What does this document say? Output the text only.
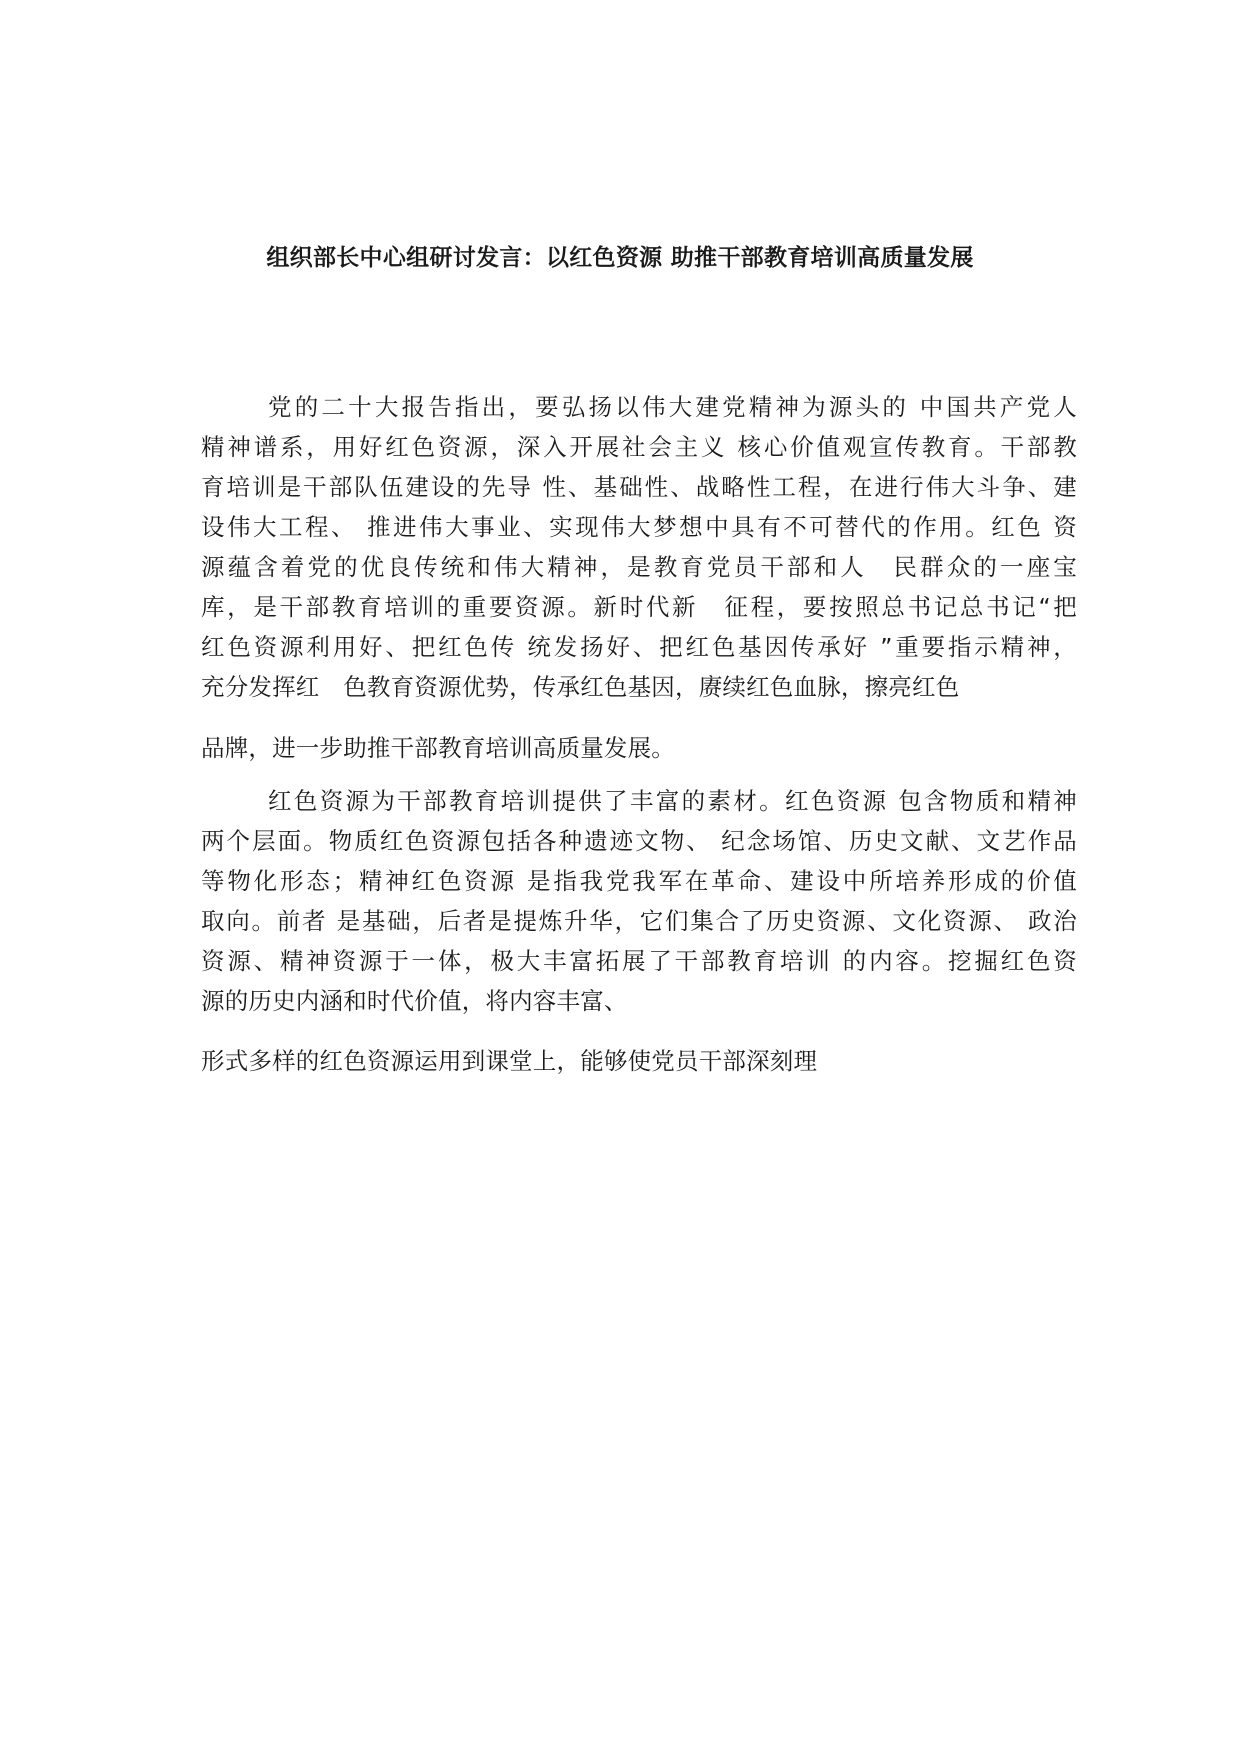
组织部长中心组研讨发言：以红色资源 助推干部教育培训高质量发展
党的二十大报告指出，要弘扬以伟大建党精神为源头的 中国共产党人
精神谱系，用好红色资源，深入开展社会主义 核心价值观宣传教育。干部教
育培训是干部队伍建设的先导 性、基础性、战略性工程，在进行伟大斗争、建
设伟大工程、 推进伟大事业、实现伟大梦想中具有不可替代的作用。红色 资
源蕴含着党的优良传统和伟大精神，是教育党员干部和人　民群众的一座宝
库，是干部教育培训的重要资源。新时代新　征程，要按照总书记总书记“把
红色资源利用好、把红色传 统发扬好、把红色基因传承好 ”重要指示精神，
充分发挥红　色教育资源优势，传承红色基因，赓续红色血脉，擦亮红色
品牌，进一步助推干部教育培训高质量发展。
红色资源为干部教育培训提供了丰富的素材。红色资源 包含物质和精神
两个层面。物质红色资源包括各种遗迹文物、 纪念场馆、历史文献、文艺作品
等物化形态；精神红色资源 是指我党我军在革命、建设中所培养形成的价值
取向。前者 是基础，后者是提炼升华，它们集合了历史资源、文化资源、 政治
资源、精神资源于一体，极大丰富拓展了干部教育培训 的内容。挖掘红色资
源的历史内涵和时代价值，将内容丰富、
形式多样的红色资源运用到课堂上，能够使党员干部深刻理
